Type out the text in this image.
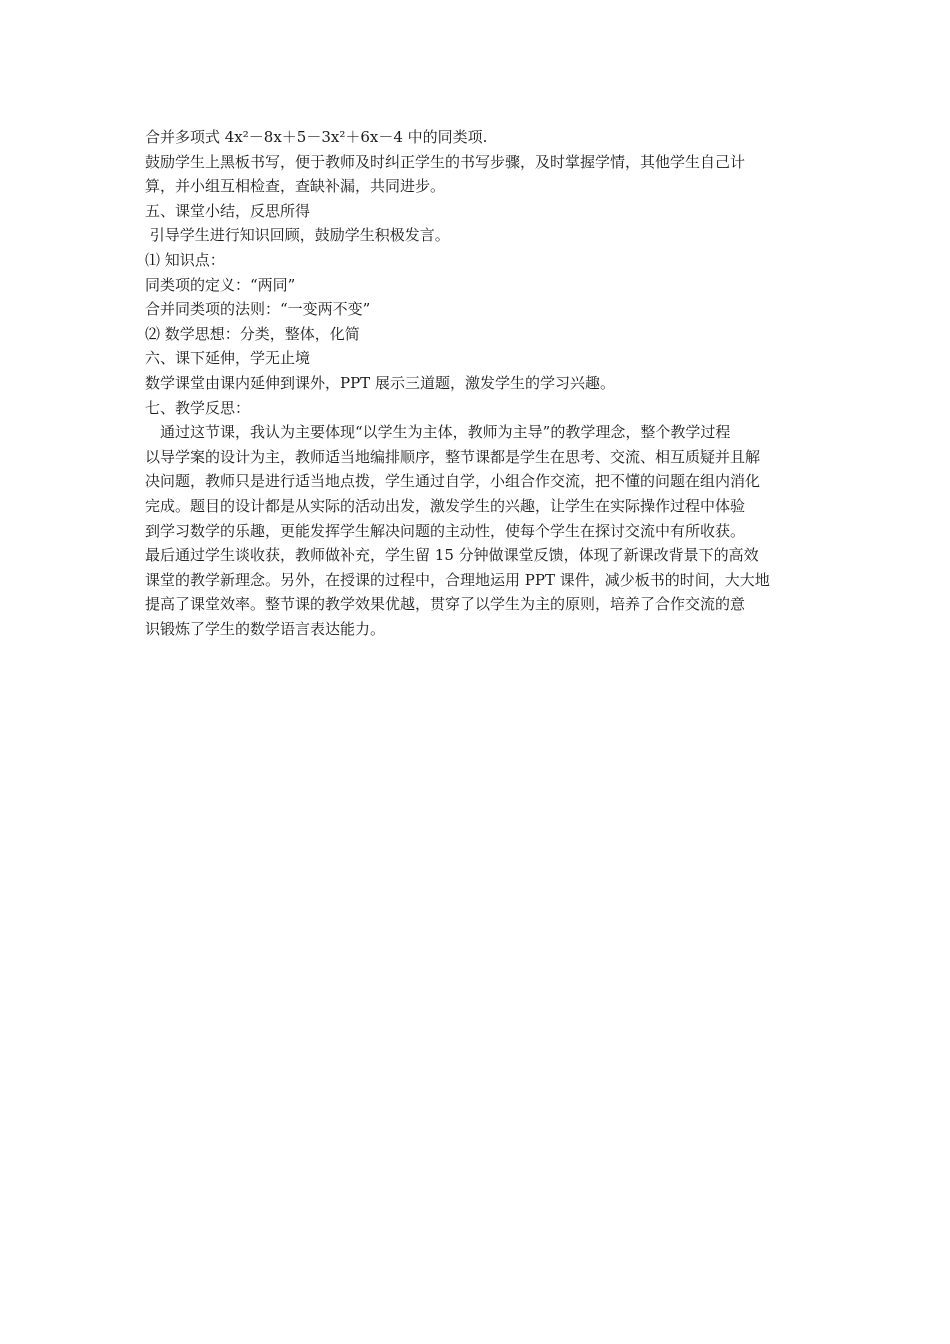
合并多项式 4x²－8x＋5－3x²＋6x－4 中的同类项.

鼓励学生上黑板书写，便于教师及时纠正学生的书写步骤，及时掌握学情，其他学生自己计

算，并小组互相检查，查缺补漏，共同进步。

五、课堂小结，反思所得

引导学生进行知识回顾，鼓励学生积极发言。

⑴ 知识点：

同类项的定义：“两同”

合并同类项的法则：“一变两不变”

⑵ 数学思想：分类，整体，化简

六、课下延伸，学无止境

数学课堂由课内延伸到课外，PPT 展示三道题，激发学生的学习兴趣。

七、教学反思：

　通过这节课，我认为主要体现“以学生为主体，教师为主导”的教学理念，整个教学过程

以导学案的设计为主，教师适当地编排顺序，整节课都是学生在思考、交流、相互质疑并且解

决问题，教师只是进行适当地点拨，学生通过自学，小组合作交流，把不懂的问题在组内消化

完成。题目的设计都是从实际的活动出发，激发学生的兴趣，让学生在实际操作过程中体验

到学习数学的乐趣，更能发挥学生解决问题的主动性，使每个学生在探讨交流中有所收获。

最后通过学生谈收获，教师做补充，学生留 15 分钟做课堂反馈，体现了新课改背景下的高效

课堂的教学新理念。另外，在授课的过程中，合理地运用 PPT 课件，减少板书的时间，大大地

提高了课堂效率。整节课的教学效果优越，贯穿了以学生为主的原则，培养了合作交流的意

识锻炼了学生的数学语言表达能力。
